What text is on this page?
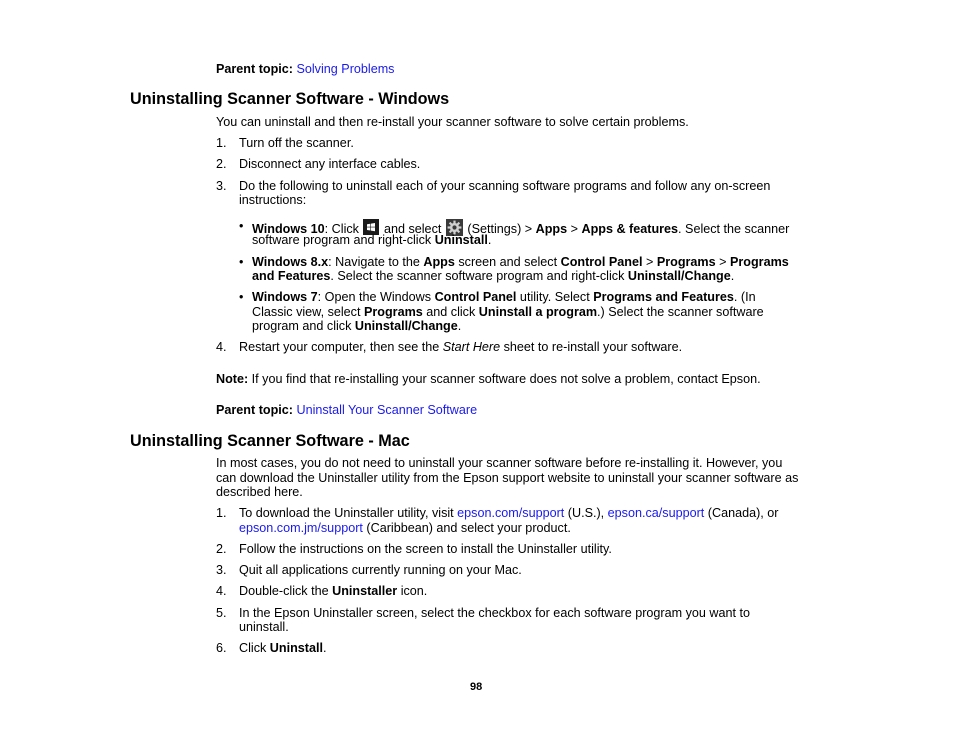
Parent topic: Solving Problems
Uninstalling Scanner Software - Windows
You can uninstall and then re-install your scanner software to solve certain problems.
1. Turn off the scanner.
2. Disconnect any interface cables.
3. Do the following to uninstall each of your scanning software programs and follow any on-screen
instructions:
• Windows 10: Click
and select
(Settings) > Apps > Apps & features. Select the scanner
software program and right-click Uninstall.
• Windows 8.x: Navigate to the Apps screen and select Control Panel > Programs > Programs
and Features. Select the scanner software program and right-click Uninstall/Change.
• Windows 7: Open the Windows Control Panel utility. Select Programs and Features. (In
Classic view, select Programs and click Uninstall a program.) Select the scanner software
program and click Uninstall/Change.
4. Restart your computer, then see the Start Here sheet to re-install your software.
Note: If you find that re-installing your scanner software does not solve a problem, contact Epson.
Parent topic: Uninstall Your Scanner Software
Uninstalling Scanner Software - Mac
In most cases, you do not need to uninstall your scanner software before re-installing it. However, you
can download the Uninstaller utility from the Epson support website to uninstall your scanner software as
described here.
1. To download the Uninstaller utility, visit epson.com/support (U.S.), epson.ca/support (Canada), or
epson.com.jm/support (Caribbean) and select your product.
2. Follow the instructions on the screen to install the Uninstaller utility.
3. Quit all applications currently running on your Mac.
4. Double-click the Uninstaller icon.
5. In the Epson Uninstaller screen, select the checkbox for each software program you want to
uninstall.
6. Click Uninstall.
98
